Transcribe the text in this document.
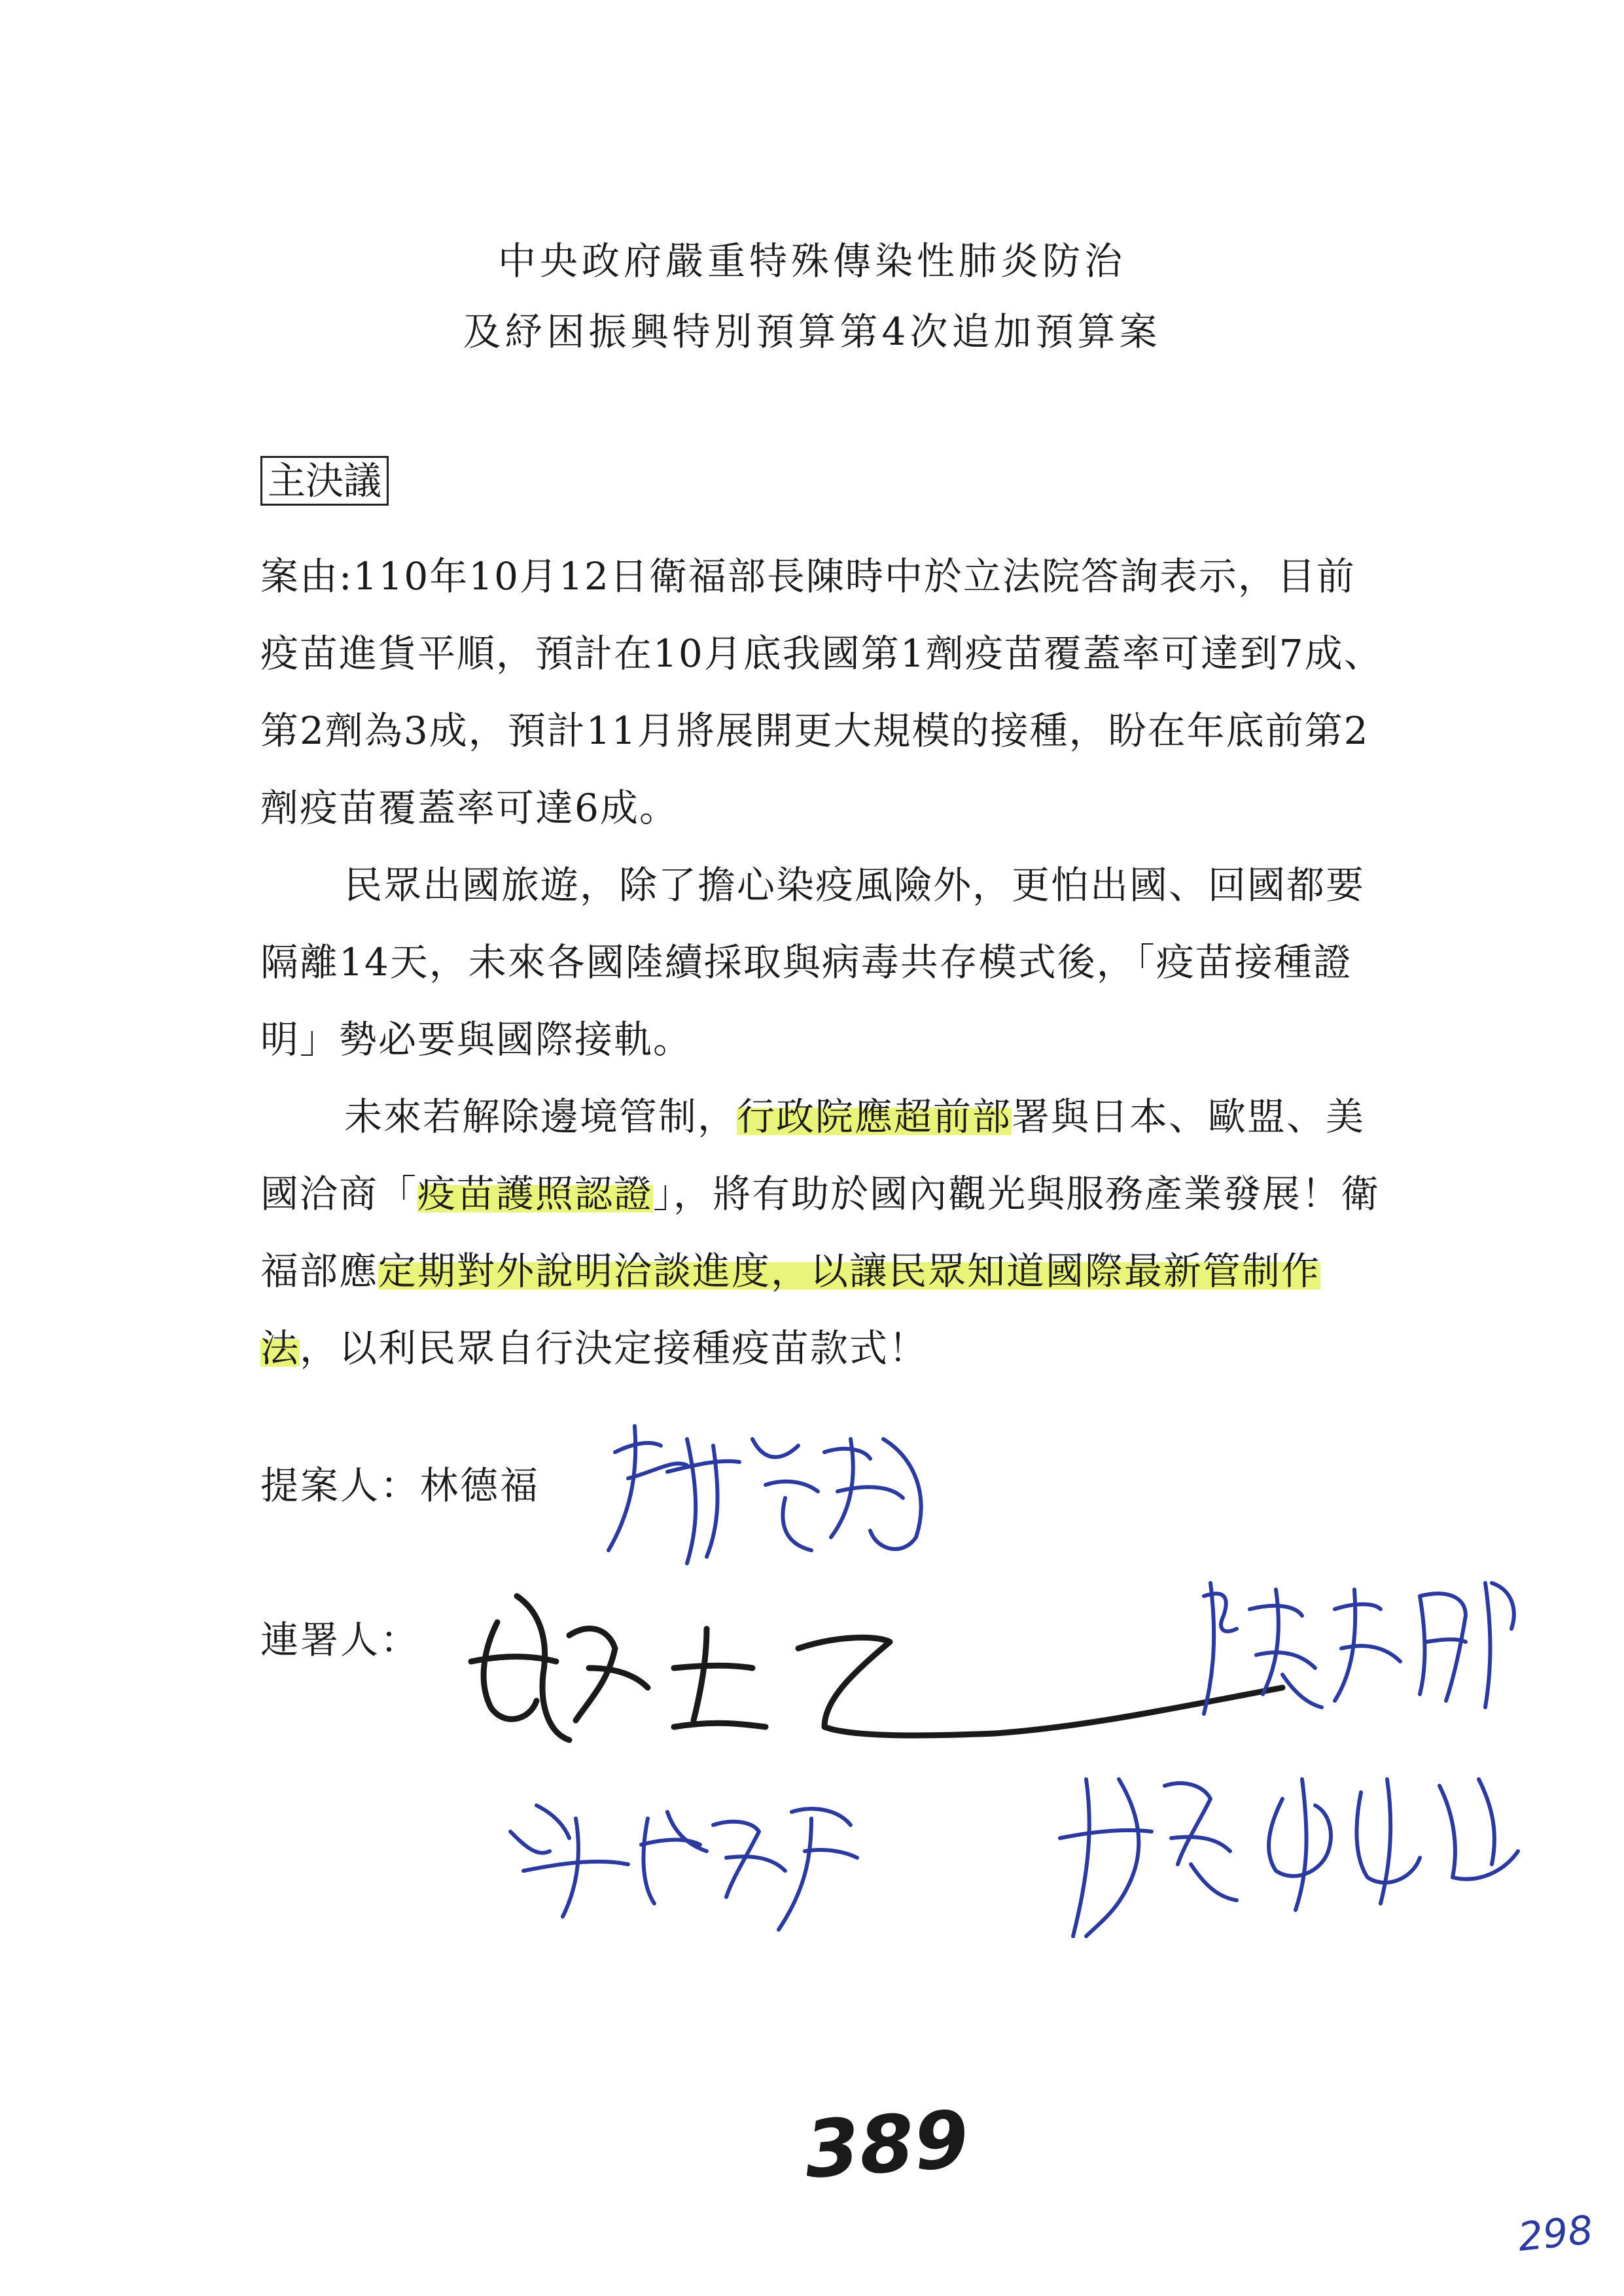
中央政府嚴重特殊傳染性肺炎防治
及紓困振興特別預算第4次追加預算案
主決議

案由:110年10月12日衛福部長陳時中於立法院答詢表示，目前疫苗進貨平順，預計在10月底我國第1劑疫苗覆蓋率可達到7成、第2劑為3成，預計11月將展開更大規模的接種，盼在年底前第2劑疫苗覆蓋率可達6成。

民眾出國旅遊，除了擔心染疫風險外，更怕出國、回國都要隔離14天，未來各國陸續採取與病毒共存模式後，「疫苗接種證明」勢必要與國際接軌。

未來若解除邊境管制，行政院應超前部署與日本、歐盟、美國洽商「疫苗護照認證」，將有助於國內觀光與服務產業發展！衛福部應定期對外說明洽談進度，以讓民眾知道國際最新管制作法，以利民眾自行決定接種疫苗款式！

提案人：林德福
連署人：
389
298
